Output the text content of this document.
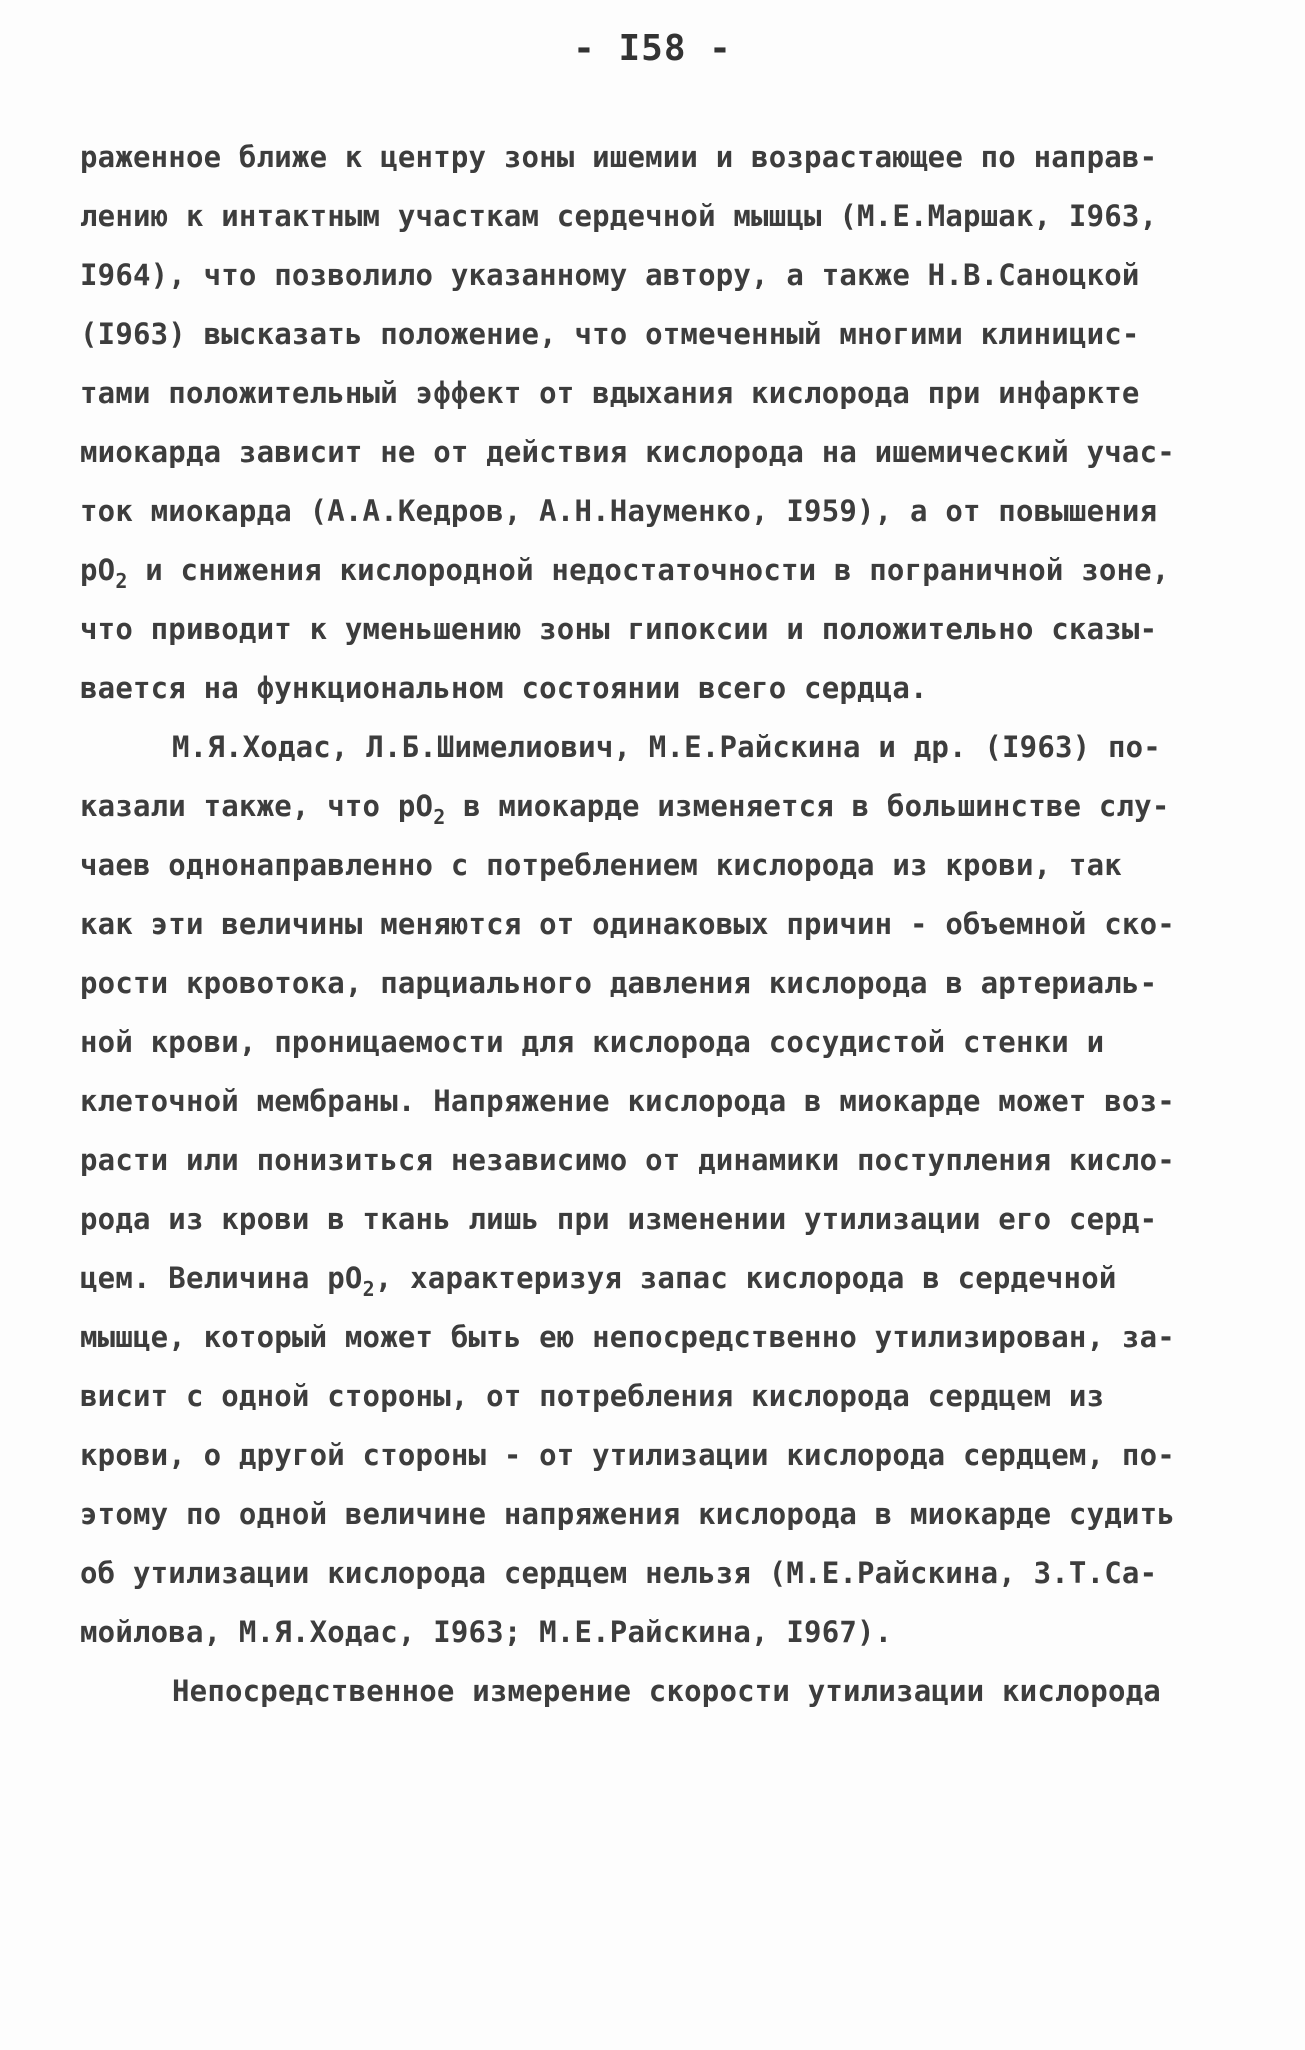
- I58 -
раженное ближе к центру зоны ишемии и возрастающее по направ-
лению к интактным участкам сердечной мышцы (М.Е.Маршак, I963,
I964), что позволило указанному автору, а также Н.В.Саноцкой
(I963) высказать положение, что отмеченный многими клиницис-
тами положительный эффект от вдыхания кислорода при инфаркте
миокарда зависит не от действия кислорода на ишемический учас-
ток миокарда (А.А.Кедров, А.Н.Науменко, I959), а от повышения
$pO_2$ и снижения кислородной недостаточности в пограничной зоне,
что приводит к уменьшению зоны гипоксии и положительно сказы-
вается на функциональном состоянии всего сердца.
М.Я.Ходас, Л.Б.Шимелиович, М.Е.Райскина и др. (I963) по-
казали также, что $pO_2$ в миокарде изменяется в большинстве слу-
чаев однонаправленно с потреблением кислорода из крови, так
как эти величины меняются от одинаковых причин - объемной ско-
рости кровотока, парциального давления кислорода в артериаль-
ной крови, проницаемости для кислорода сосудистой стенки и
клеточной мембраны. Напряжение кислорода в миокарде может воз-
расти или понизиться независимо от динамики поступления кисло-
рода из крови в ткань лишь при изменении утилизации его серд-
цем. Величина $pO_2$, характеризуя запас кислорода в сердечной
мышце, который может быть ею непосредственно утилизирован, за-
висит с одной стороны, от потребления кислорода сердцем из
крови, о другой стороны - от утилизации кислорода сердцем, по-
этому по одной величине напряжения кислорода в миокарде судить
об утилизации кислорода сердцем нельзя (М.Е.Райскина, З.Т.Са-
мойлова, М.Я.Ходас, I963; М.Е.Райскина, I967).
Непосредственное измерение скорости утилизации кислорода
